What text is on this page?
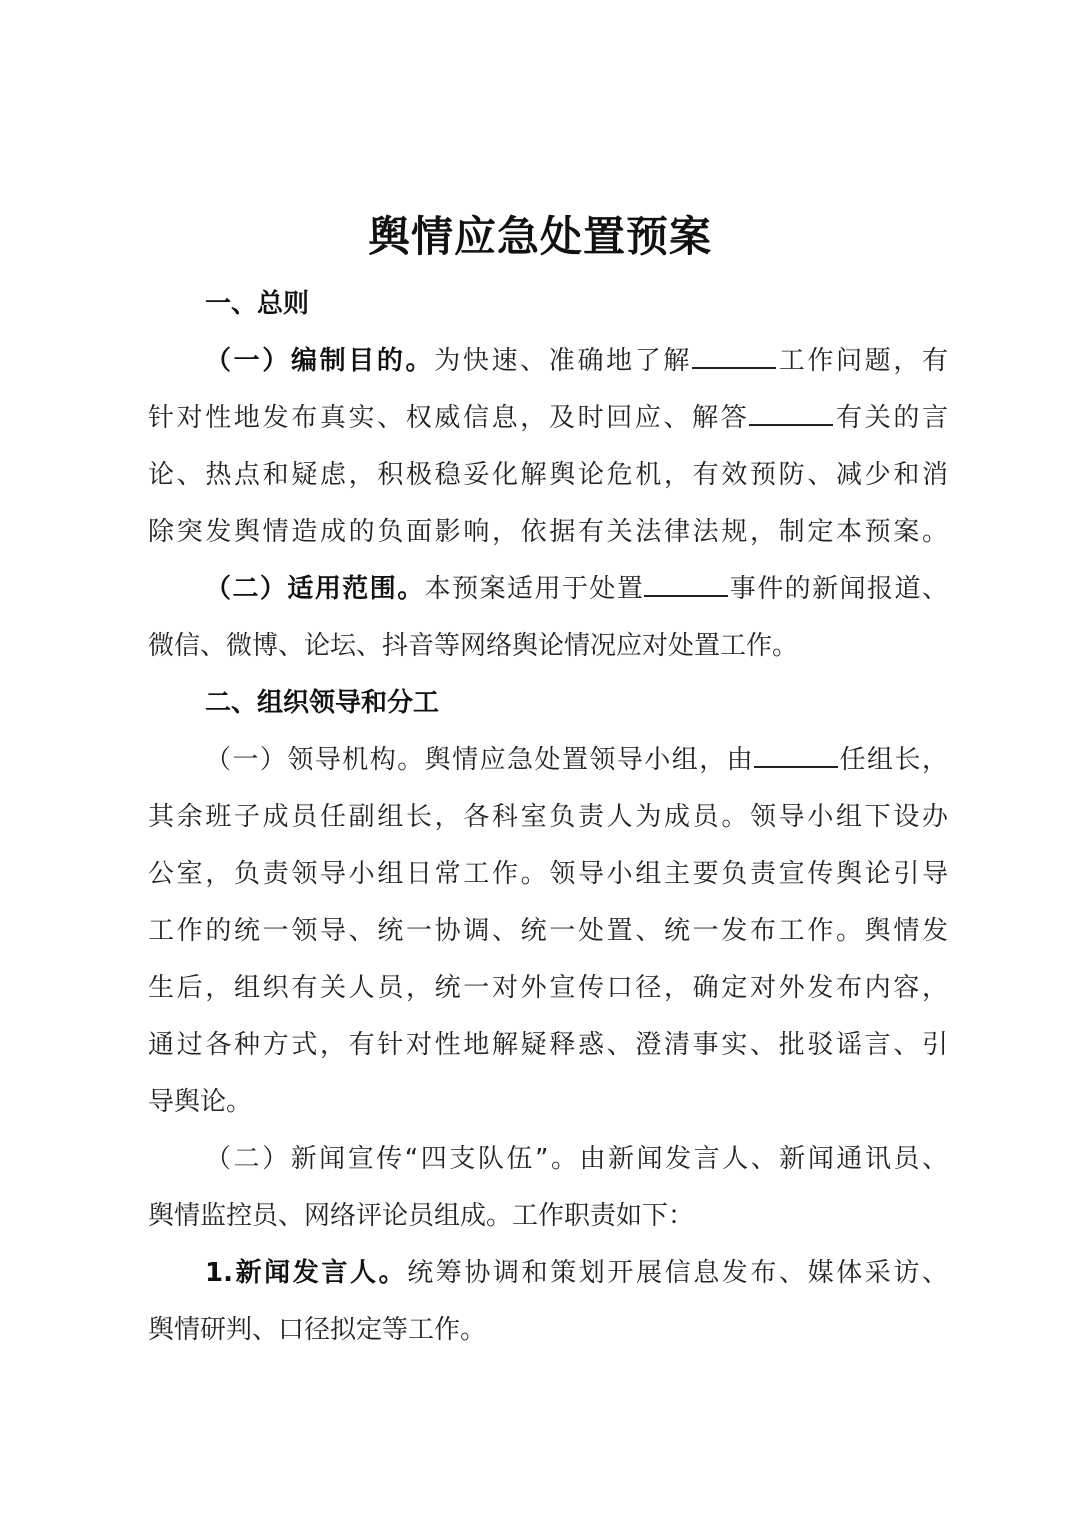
舆情应急处置预案
一、总则
（一）编制目的。为快速、准确地了解	工作问题，有
针对性地发布真实、权威信息，及时回应、解答	有关的言
论、热点和疑虑，积极稳妥化解舆论危机，有效预防、减少和消
除突发舆情造成的负面影响，依据有关法律法规，制定本预案。
（二）适用范围。本预案适用于处置	事件的新闻报道、
微信、微博、论坛、抖音等网络舆论情况应对处置工作。
二、组织领导和分工
（一）领导机构。舆情应急处置领导小组，由	任组长，
其余班子成员任副组长，各科室负责人为成员。领导小组下设办
公室，负责领导小组日常工作。领导小组主要负责宣传舆论引导
工作的统一领导、统一协调、统一处置、统一发布工作。舆情发
生后，组织有关人员，统一对外宣传口径，确定对外发布内容，
通过各种方式，有针对性地解疑释惑、澄清事实、批驳谣言、引
导舆论。
（二）新闻宣传“四支队伍”。由新闻发言人、新闻通讯员、
舆情监控员、网络评论员组成。工作职责如下：
1.新闻发言人。统筹协调和策划开展信息发布、媒体采访、
舆情研判、口径拟定等工作。
